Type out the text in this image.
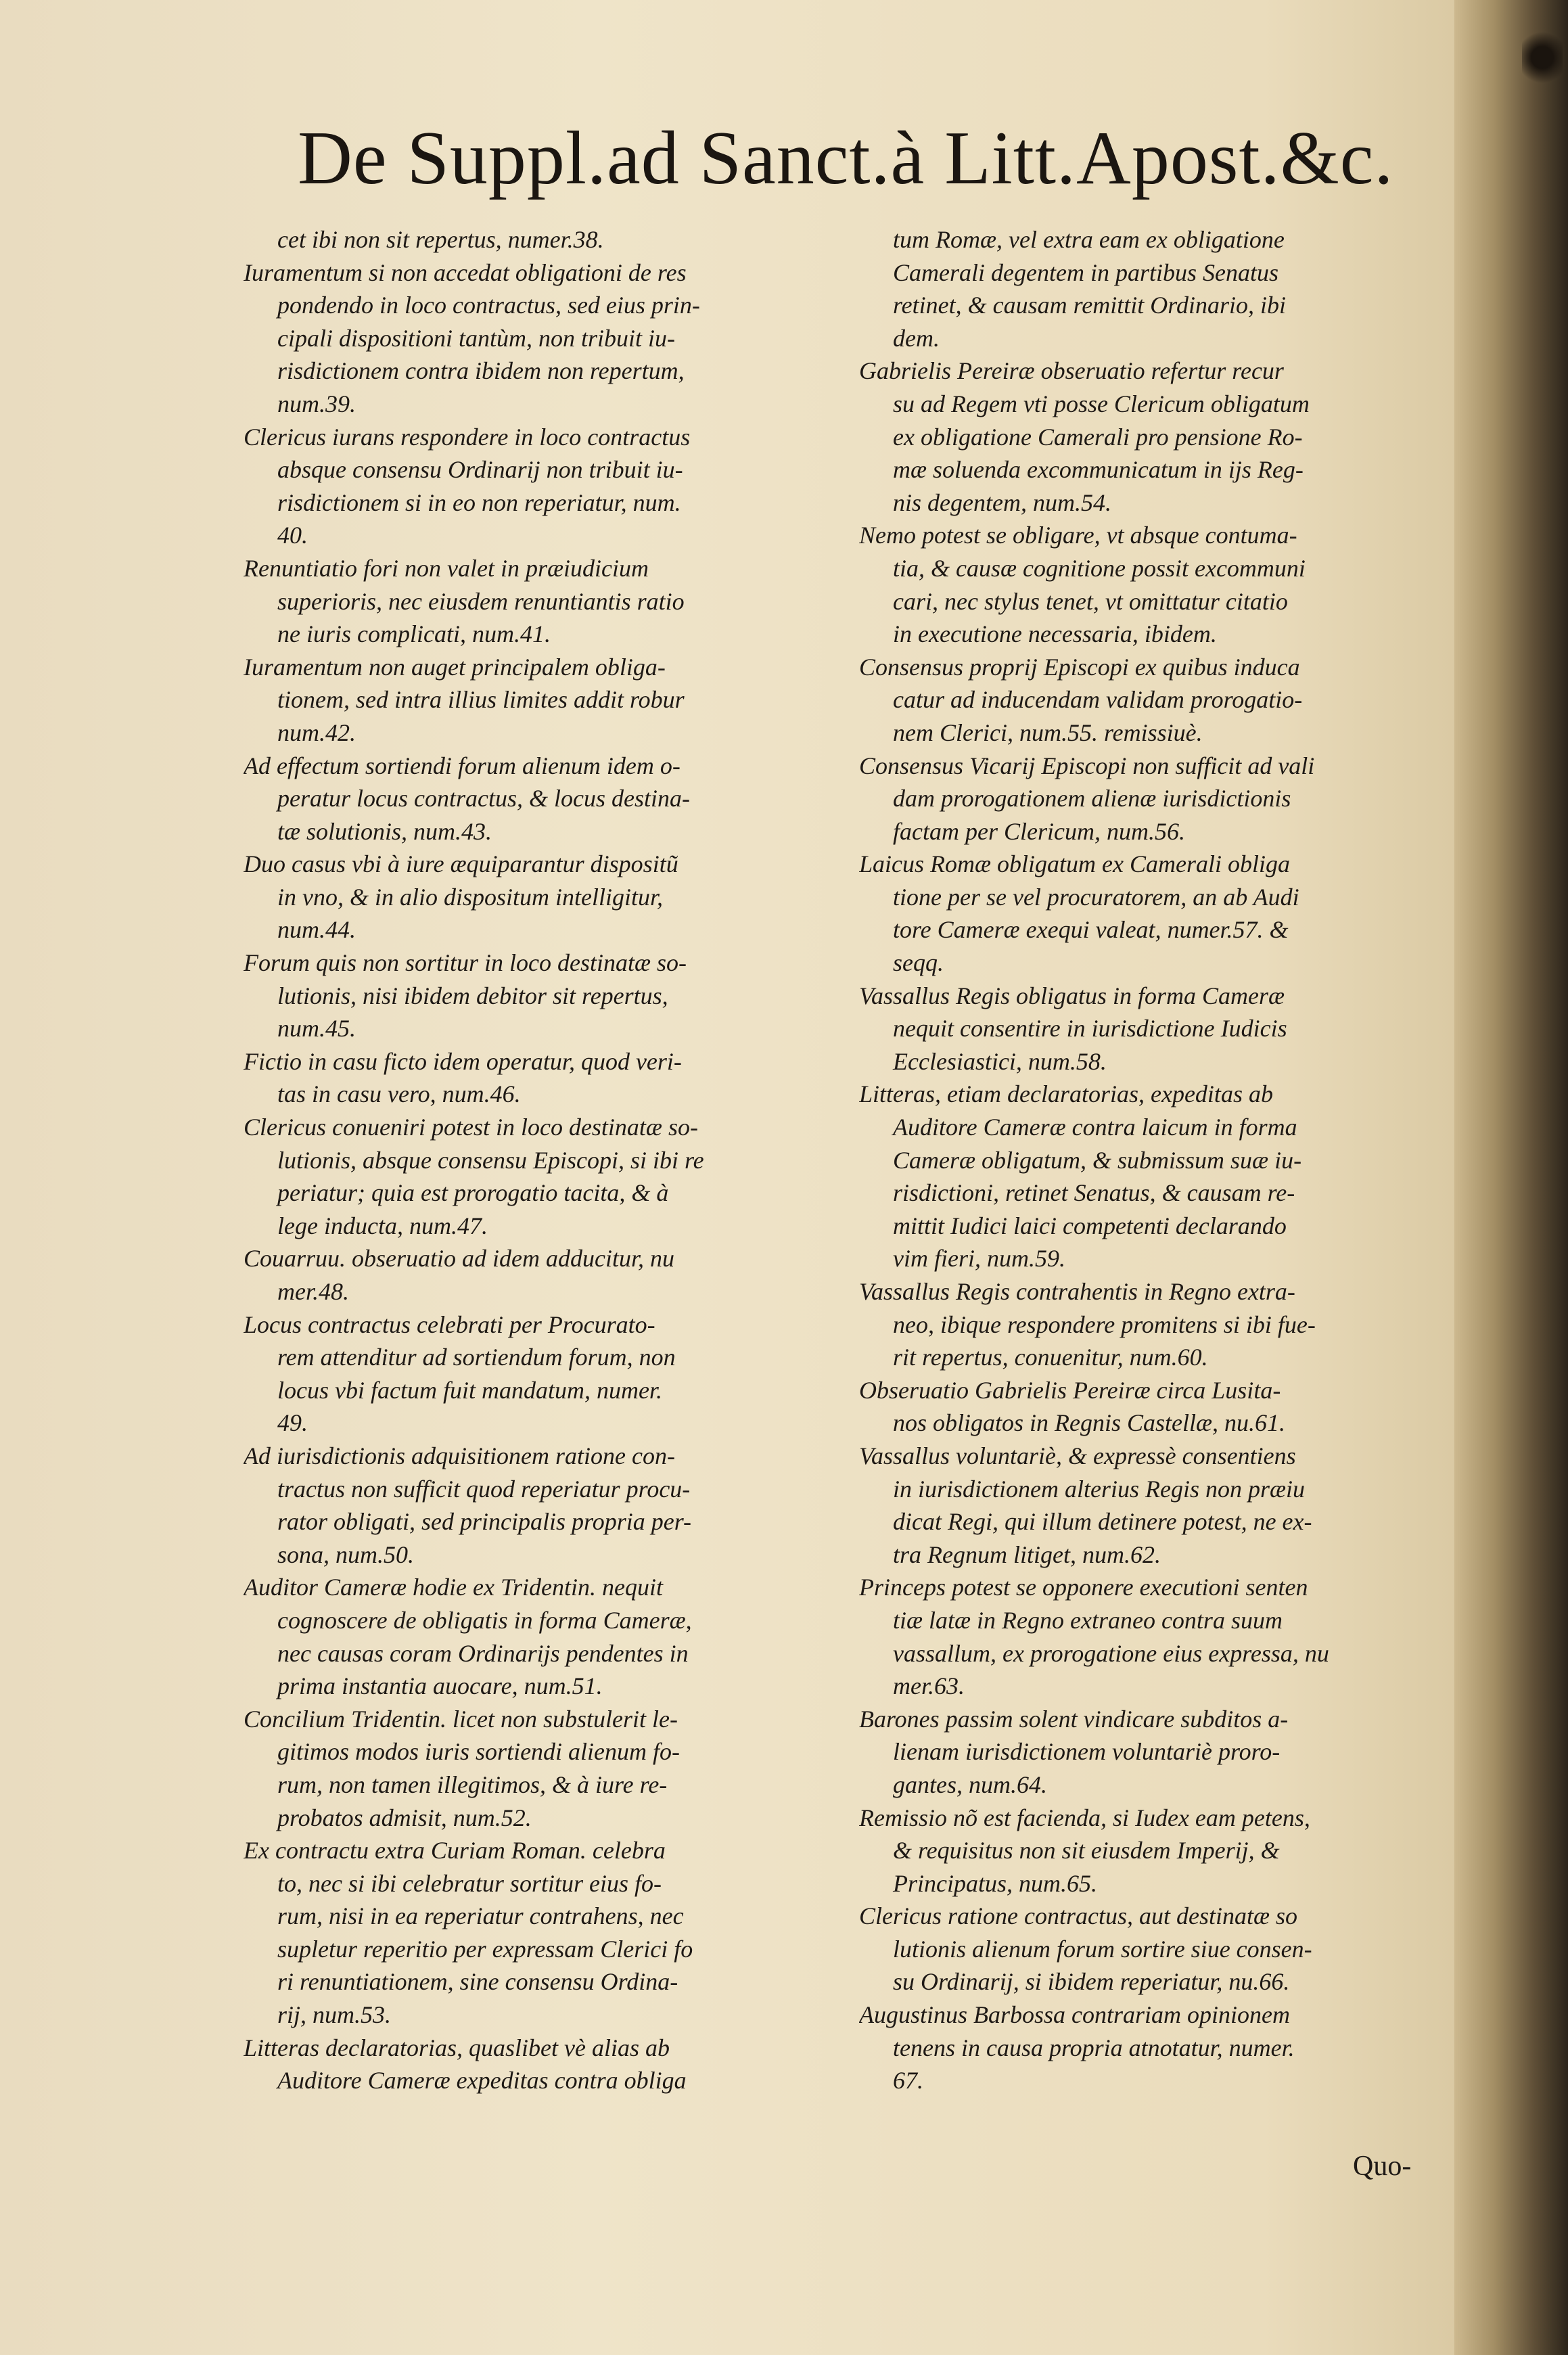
De Suppl.ad Sanct.à Litt.Apost.&c.
cet ibi non sit repertus, numer.38.
Iuramentum si non accedat obligationi de res
pondendo in loco contractus, sed eius prin-
cipali dispositioni tantùm, non tribuit iu-
risdictionem contra ibidem non repertum,
num.39.
Clericus iurans respondere in loco contractus
absque consensu Ordinarij non tribuit iu-
risdictionem si in eo non reperiatur, num.
40.
Renuntiatio fori non valet in præiudicium
superioris, nec eiusdem renuntiantis ratio
ne iuris complicati, num.41.
Iuramentum non auget principalem obliga-
tionem, sed intra illius limites addit robur
num.42.
Ad effectum sortiendi forum alienum idem o-
peratur locus contractus, & locus destina-
tæ solutionis, num.43.
Duo casus vbi à iure æquiparantur dispositũ
in vno, & in alio dispositum intelligitur,
num.44.
Forum quis non sortitur in loco destinatæ so-
lutionis, nisi ibidem debitor sit repertus,
num.45.
Fictio in casu ficto idem operatur, quod veri-
tas in casu vero, num.46.
Clericus conueniri potest in loco destinatæ so-
lutionis, absque consensu Episcopi, si ibi re
periatur; quia est prorogatio tacita, & à
lege inducta, num.47.
Couarruu. obseruatio ad idem adducitur, nu
mer.48.
Locus contractus celebrati per Procurato-
rem attenditur ad sortiendum forum, non
locus vbi factum fuit mandatum, numer.
49.
Ad iurisdictionis adquisitionem ratione con-
tractus non sufficit quod reperiatur procu-
rator obligati, sed principalis propria per-
sona, num.50.
Auditor Cameræ hodie ex Tridentin. nequit
cognoscere de obligatis in forma Cameræ,
nec causas coram Ordinarijs pendentes in
prima instantia auocare, num.51.
Concilium Tridentin. licet non substulerit le-
gitimos modos iuris sortiendi alienum fo-
rum, non tamen illegitimos, & à iure re-
probatos admisit, num.52.
Ex contractu extra Curiam Roman. celebra
to, nec si ibi celebratur sortitur eius fo-
rum, nisi in ea reperiatur contrahens, nec
supletur reperitio per expressam Clerici fo
ri renuntiationem, sine consensu Ordina-
rij, num.53.
Litteras declaratorias, quaslibet vè alias ab
Auditore Cameræ expeditas contra obliga
tum Romæ, vel extra eam ex obligatione
Camerali degentem in partibus Senatus
retinet, & causam remittit Ordinario, ibi
dem.
Gabrielis Pereiræ obseruatio refertur recur
su ad Regem vti posse Clericum obligatum
ex obligatione Camerali pro pensione Ro-
mæ soluenda excommunicatum in ijs Reg-
nis degentem, num.54.
Nemo potest se obligare, vt absque contuma-
tia, & causæ cognitione possit excommuni
cari, nec stylus tenet, vt omittatur citatio
in executione necessaria, ibidem.
Consensus proprij Episcopi ex quibus induca
catur ad inducendam validam prorogatio-
nem Clerici, num.55. remissiuè.
Consensus Vicarij Episcopi non sufficit ad vali
dam prorogationem alienæ iurisdictionis
factam per Clericum, num.56.
Laicus Romæ obligatum ex Camerali obliga
tione per se vel procuratorem, an ab Audi
tore Cameræ exequi valeat, numer.57. &
seqq.
Vassallus Regis obligatus in forma Cameræ
nequit consentire in iurisdictione Iudicis
Ecclesiastici, num.58.
Litteras, etiam declaratorias, expeditas ab
Auditore Cameræ contra laicum in forma
Cameræ obligatum, & submissum suæ iu-
risdictioni, retinet Senatus, & causam re-
mittit Iudici laici competenti declarando
vim fieri, num.59.
Vassallus Regis contrahentis in Regno extra-
neo, ibique respondere promitens si ibi fue-
rit repertus, conuenitur, num.60.
Obseruatio Gabrielis Pereiræ circa Lusita-
nos obligatos in Regnis Castellæ, nu.61.
Vassallus voluntariè, & expressè consentiens
in iurisdictionem alterius Regis non præiu
dicat Regi, qui illum detinere potest, ne ex-
tra Regnum litiget, num.62.
Princeps potest se opponere executioni senten
tiæ latæ in Regno extraneo contra suum
vassallum, ex prorogatione eius expressa, nu
mer.63.
Barones passim solent vindicare subditos a-
lienam iurisdictionem voluntariè proro-
gantes, num.64.
Remissio nõ est facienda, si Iudex eam petens,
& requisitus non sit eiusdem Imperij, &
Principatus, num.65.
Clericus ratione contractus, aut destinatæ so
lutionis alienum forum sortire siue consen-
su Ordinarij, si ibidem reperiatur, nu.66.
Augustinus Barbossa contrariam opinionem
tenens in causa propria atnotatur, numer.
67.
Quo-
